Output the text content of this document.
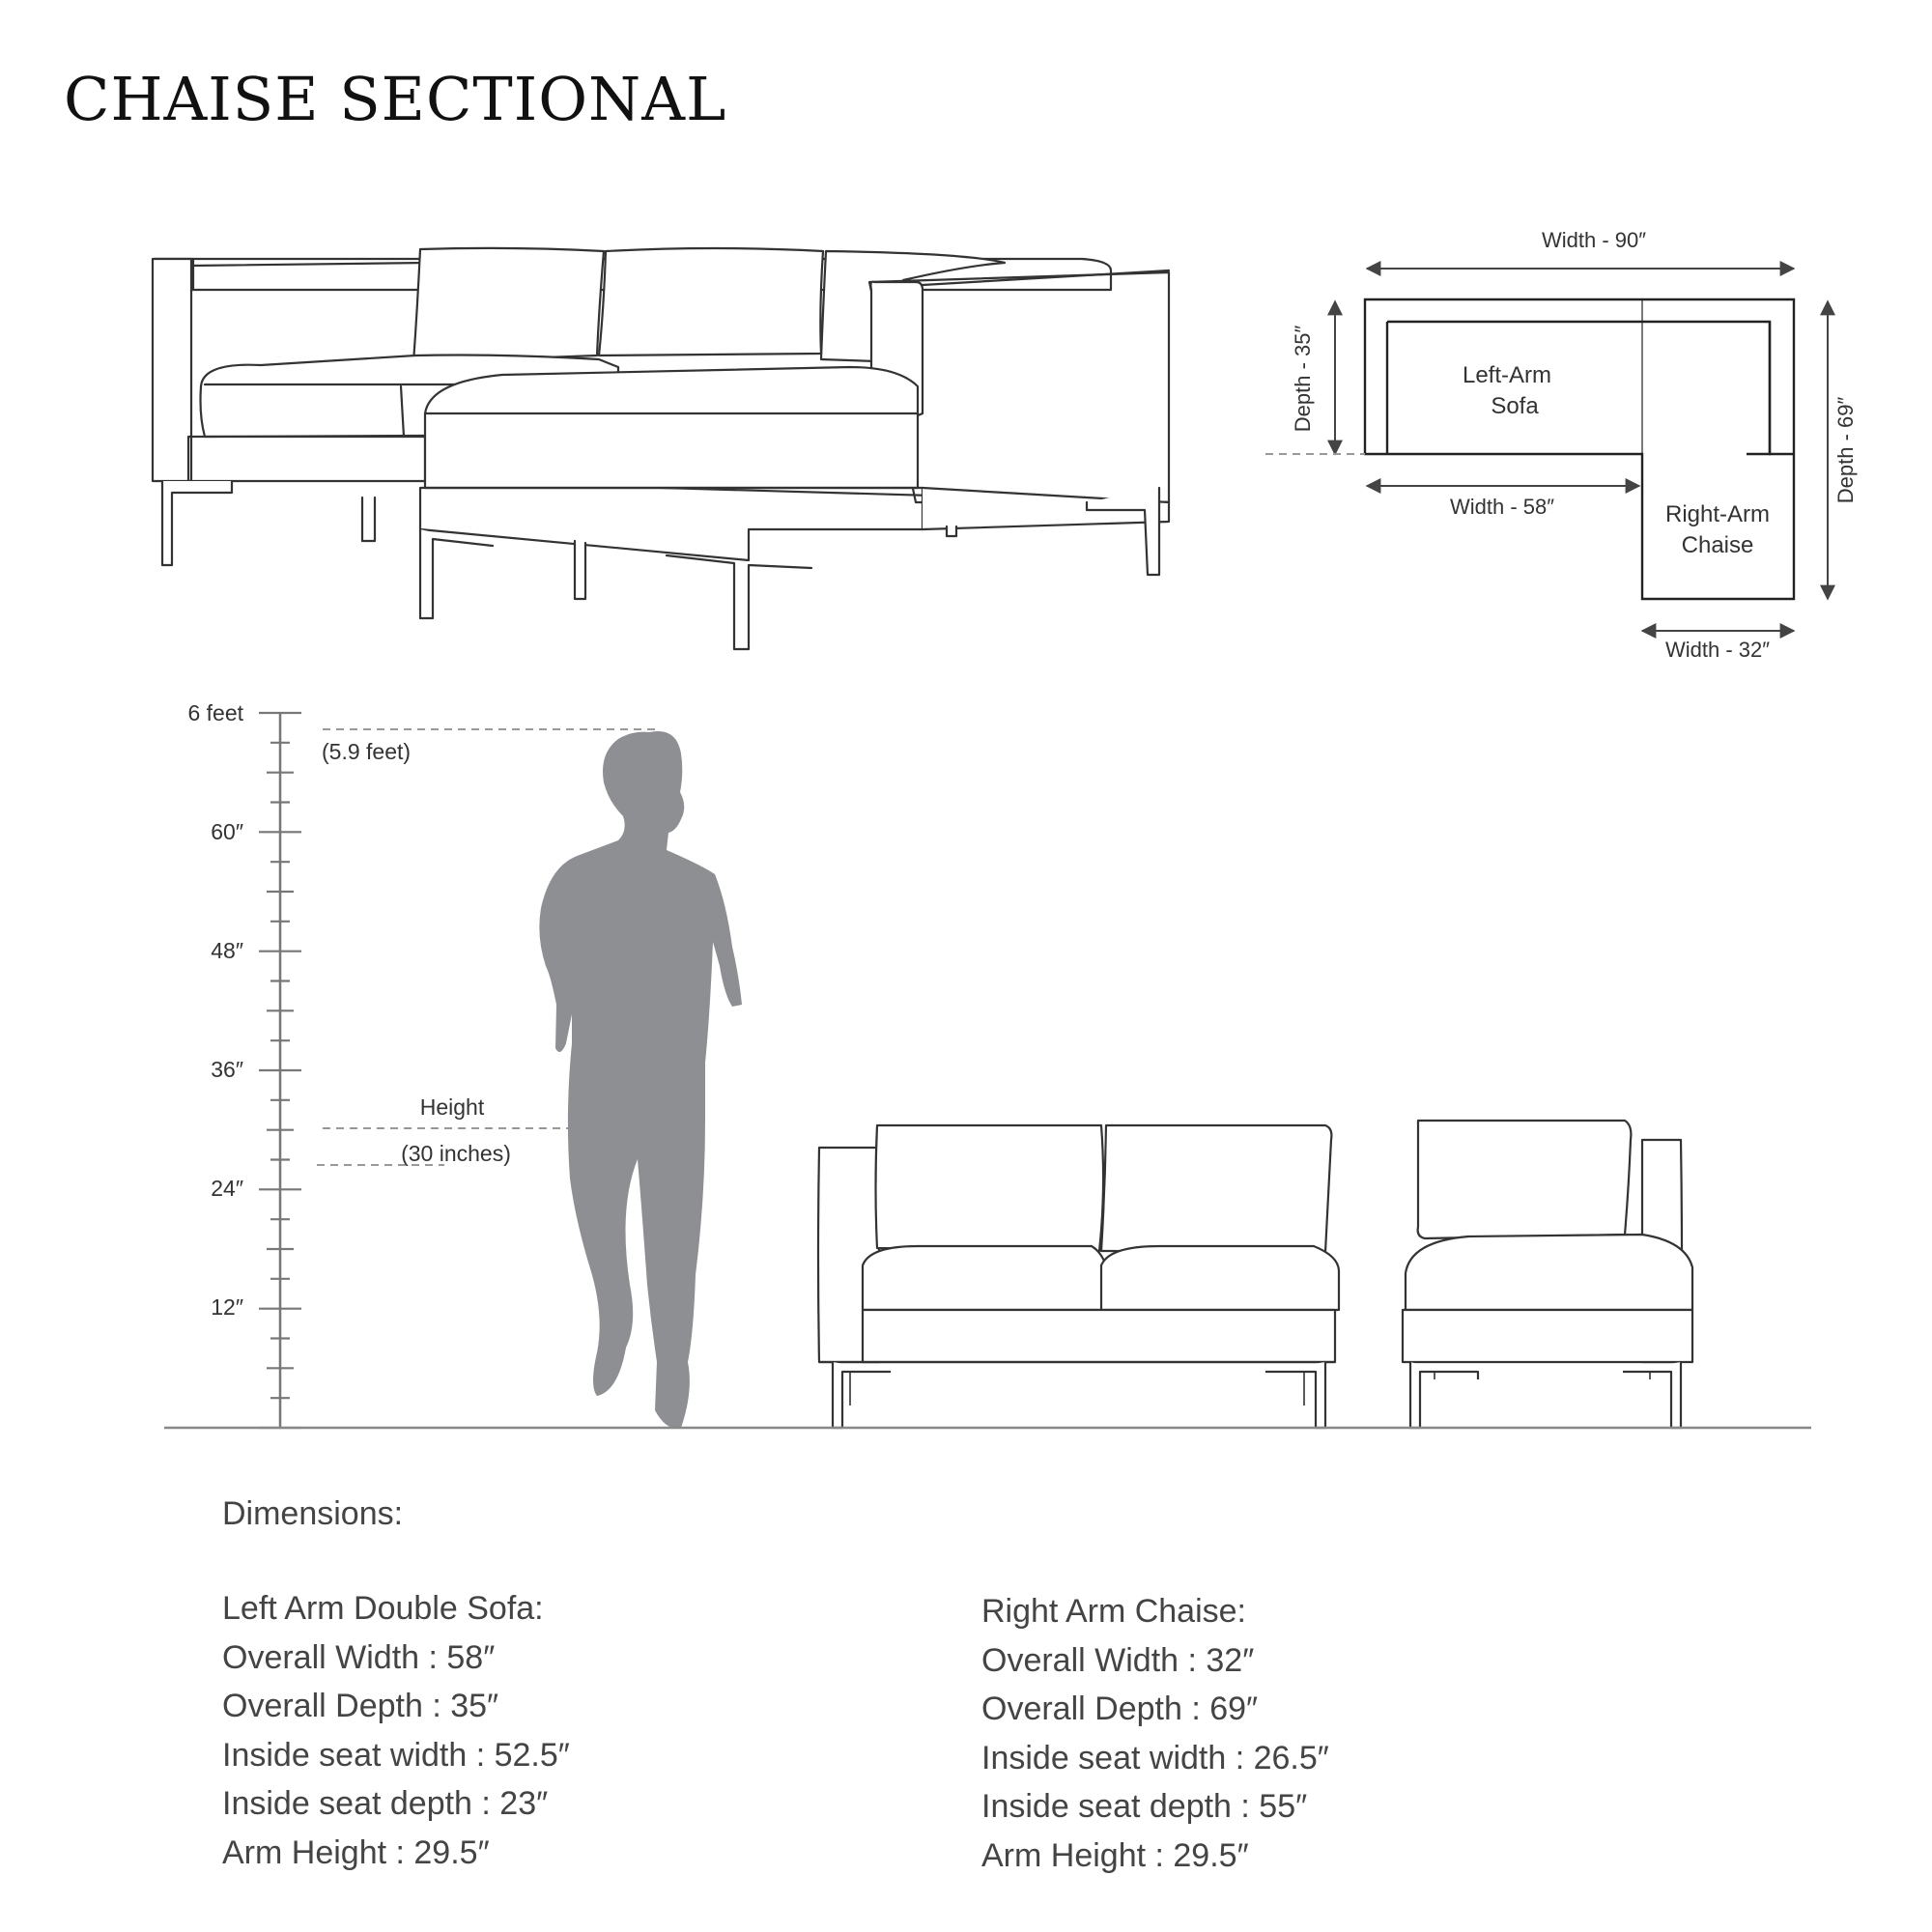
CHAISE SECTIONAL
Width - 90″
Left-Arm
Sofa
Width - 58″	Right-Arm
Chaise
Width - 32″
Depth - 35″
Depth - 69″
6 feet
60″
48″
36″
24″
12″
(5.9 feet)
Height
(30 inches)
Dimensions:
Left Arm Double Sofa:
Overall Width : 58″
Overall Depth : 35″
Inside seat width : 52.5″
Inside seat depth : 23″
Arm Height : 29.5″
Right Arm Chaise:
Overall Width : 32″
Overall Depth : 69″
Inside seat width : 26.5″
Inside seat depth : 55″
Arm Height : 29.5″
